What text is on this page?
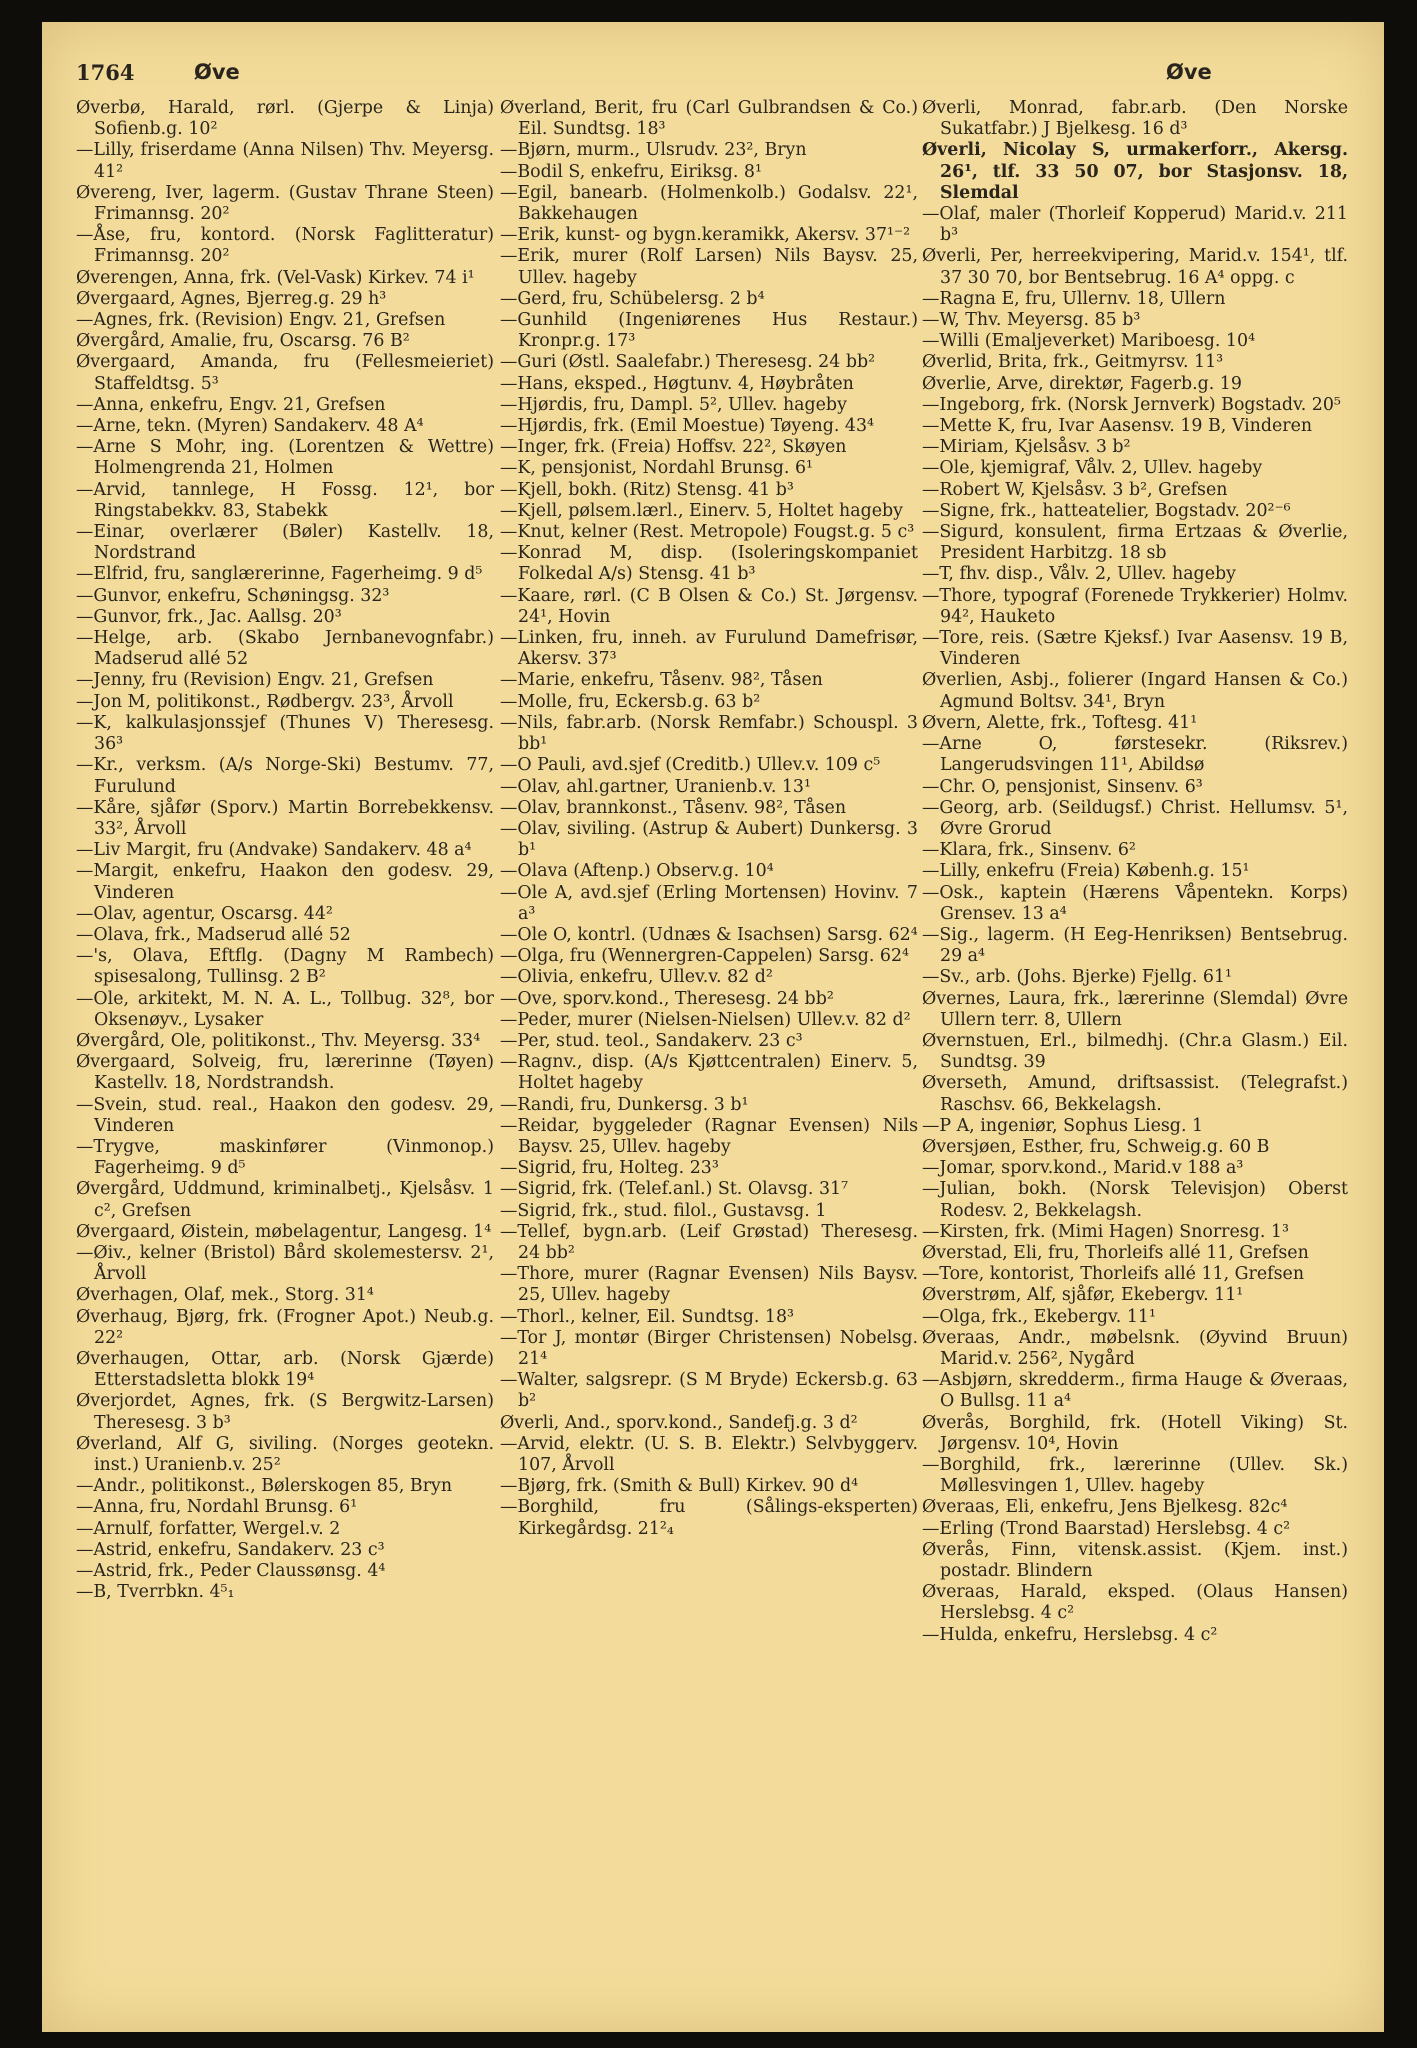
1764	Øve	Øve
Øverbø, Harald, rørl. (Gjerpe & Linja) Sofienb.g. 10²
—Lilly, friserdame (Anna Nilsen) Thv. Meyersg. 41²
Øvereng, Iver, lagerm. (Gustav Thrane Steen) Frimannsg. 20²
—Åse, fru, kontord. (Norsk Faglitteratur) Frimannsg. 20²
Øverengen, Anna, frk. (Vel-Vask) Kirkev. 74 i¹
Øvergaard, Agnes, Bjerreg.g. 29 h³
—Agnes, frk. (Revision) Engv. 21, Grefsen
Øvergård, Amalie, fru, Oscarsg. 76 B²
Øvergaard, Amanda, fru (Fellesmeieriet) Staffeldtsg. 5³
—Anna, enkefru, Engv. 21, Grefsen
—Arne, tekn. (Myren) Sandakerv. 48 A⁴
—Arne S Mohr, ing. (Lorentzen & Wettre) Holmengrenda 21, Holmen
—Arvid, tannlege, H Fossg. 12¹, bor Ringstabekkv. 83, Stabekk
—Einar, overlærer (Bøler) Kastellv. 18, Nordstrand
—Elfrid, fru, sanglærerinne, Fagerheimg. 9 d⁵
—Gunvor, enkefru, Schøningsg. 32³
—Gunvor, frk., Jac. Aallsg. 20³
—Helge, arb. (Skabo Jernbanevognfabr.) Madserud allé 52
—Jenny, fru (Revision) Engv. 21, Grefsen
—Jon M, politikonst., Rødbergv. 23³, Årvoll
—K, kalkulasjonssjef (Thunes V) Theresesg. 36³
—Kr., verksm. (A/s Norge-Ski) Bestumv. 77, Furulund
—Kåre, sjåfør (Sporv.) Martin Borrebekkensv. 33², Årvoll
—Liv Margit, fru (Andvake) Sandakerv. 48 a⁴
—Margit, enkefru, Haakon den godesv. 29, Vinderen
—Olav, agentur, Oscarsg. 44²
—Olava, frk., Madserud allé 52
—'s, Olava, Eftflg. (Dagny M Rambech) spisesalong, Tullinsg. 2 B²
—Ole, arkitekt, M. N. A. L., Tollbug. 32⁸, bor Oksenøyv., Lysaker
Øvergård, Ole, politikonst., Thv. Meyersg. 33⁴
Øvergaard, Solveig, fru, lærerinne (Tøyen) Kastellv. 18, Nordstrandsh.
—Svein, stud. real., Haakon den godesv. 29, Vinderen
—Trygve, maskinfører (Vinmonop.) Fagerheimg. 9 d⁵
Øvergård, Uddmund, kriminalbetj., Kjelsåsv. 1 c², Grefsen
Øvergaard, Øistein, møbelagentur, Langesg. 1⁴
—Øiv., kelner (Bristol) Bård skolemestersv. 2¹, Årvoll
Øverhagen, Olaf, mek., Storg. 31⁴
Øverhaug, Bjørg, frk. (Frogner Apot.) Neub.g. 22²
Øverhaugen, Ottar, arb. (Norsk Gjærde) Etterstadsletta blokk 19⁴
Øverjordet, Agnes, frk. (S Bergwitz-Larsen) Theresesg. 3 b³
Øverland, Alf G, siviling. (Norges geotekn. inst.) Uranienb.v. 25²
—Andr., politikonst., Bølerskogen 85, Bryn
—Anna, fru, Nordahl Brunsg. 6¹
—Arnulf, forfatter, Wergel.v. 2
—Astrid, enkefru, Sandakerv. 23 c³
—Astrid, frk., Peder Claussønsg. 4⁴
—B, Tverrbkn. 4⁵₁
Øverland, Berit, fru (Carl Gulbrandsen & Co.) Eil. Sundtsg. 18³
—Bjørn, murm., Ulsrudv. 23², Bryn
—Bodil S, enkefru, Eiriksg. 8¹
—Egil, banearb. (Holmenkolb.) Godalsv. 22¹, Bakkehaugen
—Erik, kunst- og bygn.keramikk, Akersv. 37¹⁻²
—Erik, murer (Rolf Larsen) Nils Baysv. 25, Ullev. hageby
—Gerd, fru, Schübelersg. 2 b⁴
—Gunhild (Ingeniørenes Hus Restaur.) Kronpr.g. 17³
—Guri (Østl. Saalefabr.) Theresesg. 24 bb²
—Hans, eksped., Høgtunv. 4, Høybråten
—Hjørdis, fru, Dampl. 5², Ullev. hageby
—Hjørdis, frk. (Emil Moestue) Tøyeng. 43⁴
—Inger, frk. (Freia) Hoffsv. 22², Skøyen
—K, pensjonist, Nordahl Brunsg. 6¹
—Kjell, bokh. (Ritz) Stensg. 41 b³
—Kjell, pølsem.lærl., Einerv. 5, Holtet hageby
—Knut, kelner (Rest. Metropole) Fougst.g. 5 c³
—Konrad M, disp. (Isoleringskompaniet Folkedal A/s) Stensg. 41 b³
—Kaare, rørl. (C B Olsen & Co.) St. Jørgensv. 24¹, Hovin
—Linken, fru, inneh. av Furulund Damefrisør, Akersv. 37³
—Marie, enkefru, Tåsenv. 98², Tåsen
—Molle, fru, Eckersb.g. 63 b²
—Nils, fabr.arb. (Norsk Remfabr.) Schouspl. 3 bb¹
—O Pauli, avd.sjef (Creditb.) Ullev.v. 109 c⁵
—Olav, ahl.gartner, Uranienb.v. 13¹
—Olav, brannkonst., Tåsenv. 98², Tåsen
—Olav, siviling. (Astrup & Aubert) Dunkersg. 3 b¹
—Olava (Aftenp.) Observ.g. 10⁴
—Ole A, avd.sjef (Erling Mortensen) Hovinv. 7 a³
—Ole O, kontrl. (Udnæs & Isachsen) Sarsg. 62⁴
—Olga, fru (Wennergren-Cappelen) Sarsg. 62⁴
—Olivia, enkefru, Ullev.v. 82 d²
—Ove, sporv.kond., Theresesg. 24 bb²
—Peder, murer (Nielsen-Nielsen) Ullev.v. 82 d²
—Per, stud. teol., Sandakerv. 23 c³
—Ragnv., disp. (A/s Kjøttcentralen) Einerv. 5, Holtet hageby
—Randi, fru, Dunkersg. 3 b¹
—Reidar, byggeleder (Ragnar Evensen) Nils Baysv. 25, Ullev. hageby
—Sigrid, fru, Holteg. 23³
—Sigrid, frk. (Telef.anl.) St. Olavsg. 31⁷
—Sigrid, frk., stud. filol., Gustavsg. 1
—Tellef, bygn.arb. (Leif Grøstad) Theresesg. 24 bb²
—Thore, murer (Ragnar Evensen) Nils Baysv. 25, Ullev. hageby
—Thorl., kelner, Eil. Sundtsg. 18³
—Tor J, montør (Birger Christensen) Nobelsg. 21⁴
—Walter, salgsrepr. (S M Bryde) Eckersb.g. 63 b²
Øverli, And., sporv.kond., Sandefj.g. 3 d²
—Arvid, elektr. (U. S. B. Elektr.) Selvbyggerv. 107, Årvoll
—Bjørg, frk. (Smith & Bull) Kirkev. 90 d⁴
—Borghild, fru (Sålings-eksperten) Kirkegårdsg. 21²₄
Øverli, Monrad, fabr.arb. (Den Norske Sukatfabr.) J Bjelkesg. 16 d³
Øverli, Nicolay S, urmakerforr., Akersg. 26¹, tlf. 33 50 07, bor Stasjonsv. 18, Slemdal
—Olaf, maler (Thorleif Kopperud) Marid.v. 211 b³
Øverli, Per, herreekvipering, Marid.v. 154¹, tlf. 37 30 70, bor Bentsebrug. 16 A⁴ oppg. c
—Ragna E, fru, Ullernv. 18, Ullern
—W, Thv. Meyersg. 85 b³
—Willi (Emaljeverket) Mariboesg. 10⁴
Øverlid, Brita, frk., Geitmyrsv. 11³
Øverlie, Arve, direktør, Fagerb.g. 19
—Ingeborg, frk. (Norsk Jernverk) Bogstadv. 20⁵
—Mette K, fru, Ivar Aasensv. 19 B, Vinderen
—Miriam, Kjelsåsv. 3 b²
—Ole, kjemigraf, Vålv. 2, Ullev. hageby
—Robert W, Kjelsåsv. 3 b², Grefsen
—Signe, frk., hatteatelier, Bogstadv. 20²⁻⁶
—Sigurd, konsulent, firma Ertzaas & Øverlie, President Harbitzg. 18 sb
—T, fhv. disp., Vålv. 2, Ullev. hageby
—Thore, typograf (Forenede Trykkerier) Holmv. 94², Hauketo
—Tore, reis. (Sætre Kjeksf.) Ivar Aasensv. 19 B, Vinderen
Øverlien, Asbj., folierer (Ingard Hansen & Co.) Agmund Boltsv. 34¹, Bryn
Øvern, Alette, frk., Toftesg. 41¹
—Arne O, førstesekr. (Riksrev.) Langerudsvingen 11¹, Abildsø
—Chr. O, pensjonist, Sinsenv. 6³
—Georg, arb. (Seildugsf.) Christ. Hellumsv. 5¹, Øvre Grorud
—Klara, frk., Sinsenv. 6²
—Lilly, enkefru (Freia) Københ.g. 15¹
—Osk., kaptein (Hærens Våpentekn. Korps) Grensev. 13 a⁴
—Sig., lagerm. (H Eeg-Henriksen) Bentsebrug. 29 a⁴
—Sv., arb. (Johs. Bjerke) Fjellg. 61¹
Øvernes, Laura, frk., lærerinne (Slemdal) Øvre Ullern terr. 8, Ullern
Øvernstuen, Erl., bilmedhj. (Chr.a Glasm.) Eil. Sundtsg. 39
Øverseth, Amund, driftsassist. (Telegrafst.) Raschsv. 66, Bekkelagsh.
—P A, ingeniør, Sophus Liesg. 1
Øversjøen, Esther, fru, Schweig.g. 60 B
—Jomar, sporv.kond., Marid.v 188 a³
—Julian, bokh. (Norsk Televisjon) Oberst Rodesv. 2, Bekkelagsh.
—Kirsten, frk. (Mimi Hagen) Snorresg. 1³
Øverstad, Eli, fru, Thorleifs allé 11, Grefsen
—Tore, kontorist, Thorleifs allé 11, Grefsen
Øverstrøm, Alf, sjåfør, Ekebergv. 11¹
—Olga, frk., Ekebergv. 11¹
Øveraas, Andr., møbelsnk. (Øyvind Bruun) Marid.v. 256², Nygård
—Asbjørn, skredderm., firma Hauge & Øveraas, O Bullsg. 11 a⁴
Øverås, Borghild, frk. (Hotell Viking) St. Jørgensv. 10⁴, Hovin
—Borghild, frk., lærerinne (Ullev. Sk.) Møllesvingen 1, Ullev. hageby
Øveraas, Eli, enkefru, Jens Bjelkesg. 82c⁴
—Erling (Trond Baarstad) Herslebsg. 4 c²
Øverås, Finn, vitensk.assist. (Kjem. inst.) postadr. Blindern
Øveraas, Harald, eksped. (Olaus Hansen) Herslebsg. 4 c²
—Hulda, enkefru, Herslebsg. 4 c²
